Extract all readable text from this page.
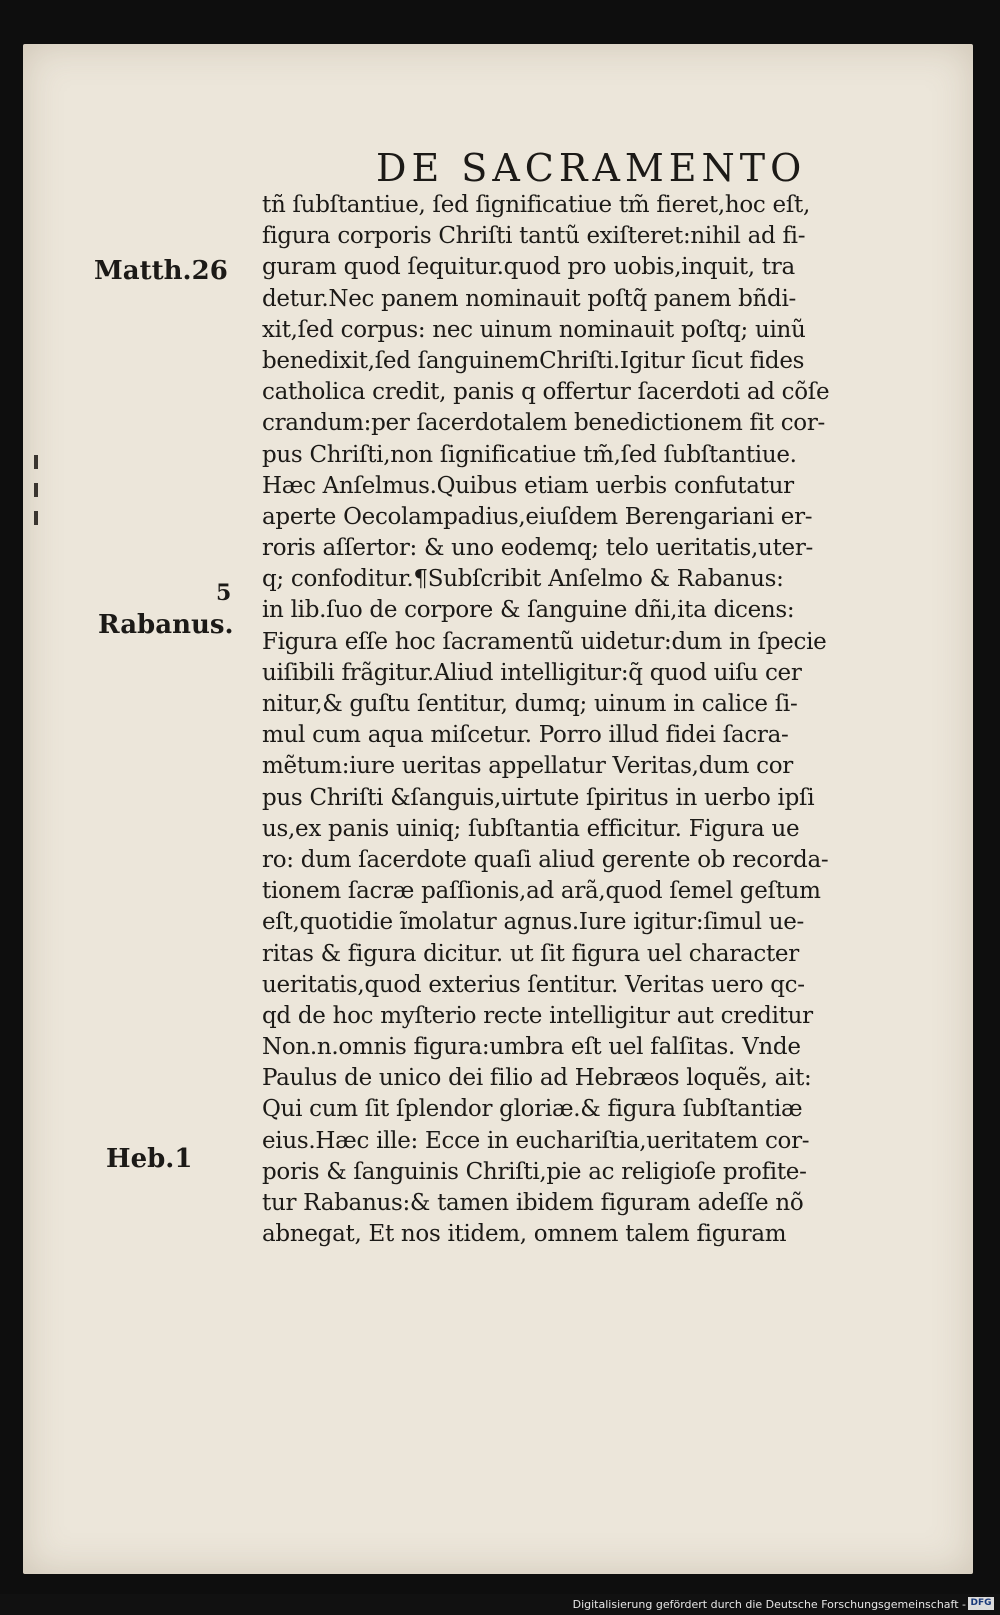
DE SACRAMENTO
Matth.26
5
Rabanus.
Heb.1
tñ ſubſtantiue, ſed ſignificatiue tm̃ fieret,hoc eſt,
figura corporis Chriſti tantũ exiſteret:nihil ad fi-
guram quod ſequitur.quod pro uobis,inquit, tra
detur.Nec panem nominauit poſtq̃ panem bñdi-
xit,ſed corpus: nec uinum nominauit poſtq; uinũ
benedixit,ſed ſanguinemChriſti.Igitur ſicut fides
catholica credit, panis q offertur ſacerdoti ad cõſe
crandum:per ſacerdotalem benedictionem fit cor-
pus Chriſti,non ſignificatiue tm̃,ſed ſubſtantiue.
Hæc Anſelmus.Quibus etiam uerbis confutatur
aperte Oecolampadius,eiuſdem Berengariani er-
roris aſſertor: & uno eodemq; telo ueritatis,uter-
q; confoditur.¶Subſcribit Anſelmo & Rabanus:
in lib.ſuo de corpore & ſanguine dñi,ita dicens:
Figura eſſe hoc ſacramentũ uidetur:dum in ſpecie
uiſibili frãgitur.Aliud intelligitur:q̃ quod uiſu cer
nitur,& guſtu ſentitur, dumq; uinum in calice ſi-
mul cum aqua miſcetur. Porro illud fidei ſacra-
mẽtum:iure ueritas appellatur Veritas,dum cor
pus Chriſti &ſanguis,uirtute ſpiritus in uerbo ipſi
us,ex panis uiniq; ſubſtantia efficitur. Figura ue
ro: dum ſacerdote quaſi aliud gerente ob recorda-
tionem ſacræ paſſionis,ad arã,quod ſemel geſtum
eſt,quotidie ĩmolatur agnus.Iure igitur:ſimul ue-
ritas & figura dicitur. ut ſit figura uel character
ueritatis,quod exterius ſentitur. Veritas uero qc-
qd de hoc myſterio recte intelligitur aut creditur
Non.n.omnis figura:umbra eſt uel falſitas. Vnde
Paulus de unico dei filio ad Hebræos loquẽs, ait:
Qui cum ſit ſplendor gloriæ.& figura ſubſtantiæ
eius.Hæc ille: Ecce in euchariſtia,ueritatem cor-
poris & ſanguinis Chriſti,pie ac religioſe profite-
tur Rabanus:& tamen ibidem figuram adeſſe nõ
abnegat, Et nos itidem, omnem talem figuram
Digitalisierung gefördert durch die Deutsche Forschungsgemeinschaft - DFG
